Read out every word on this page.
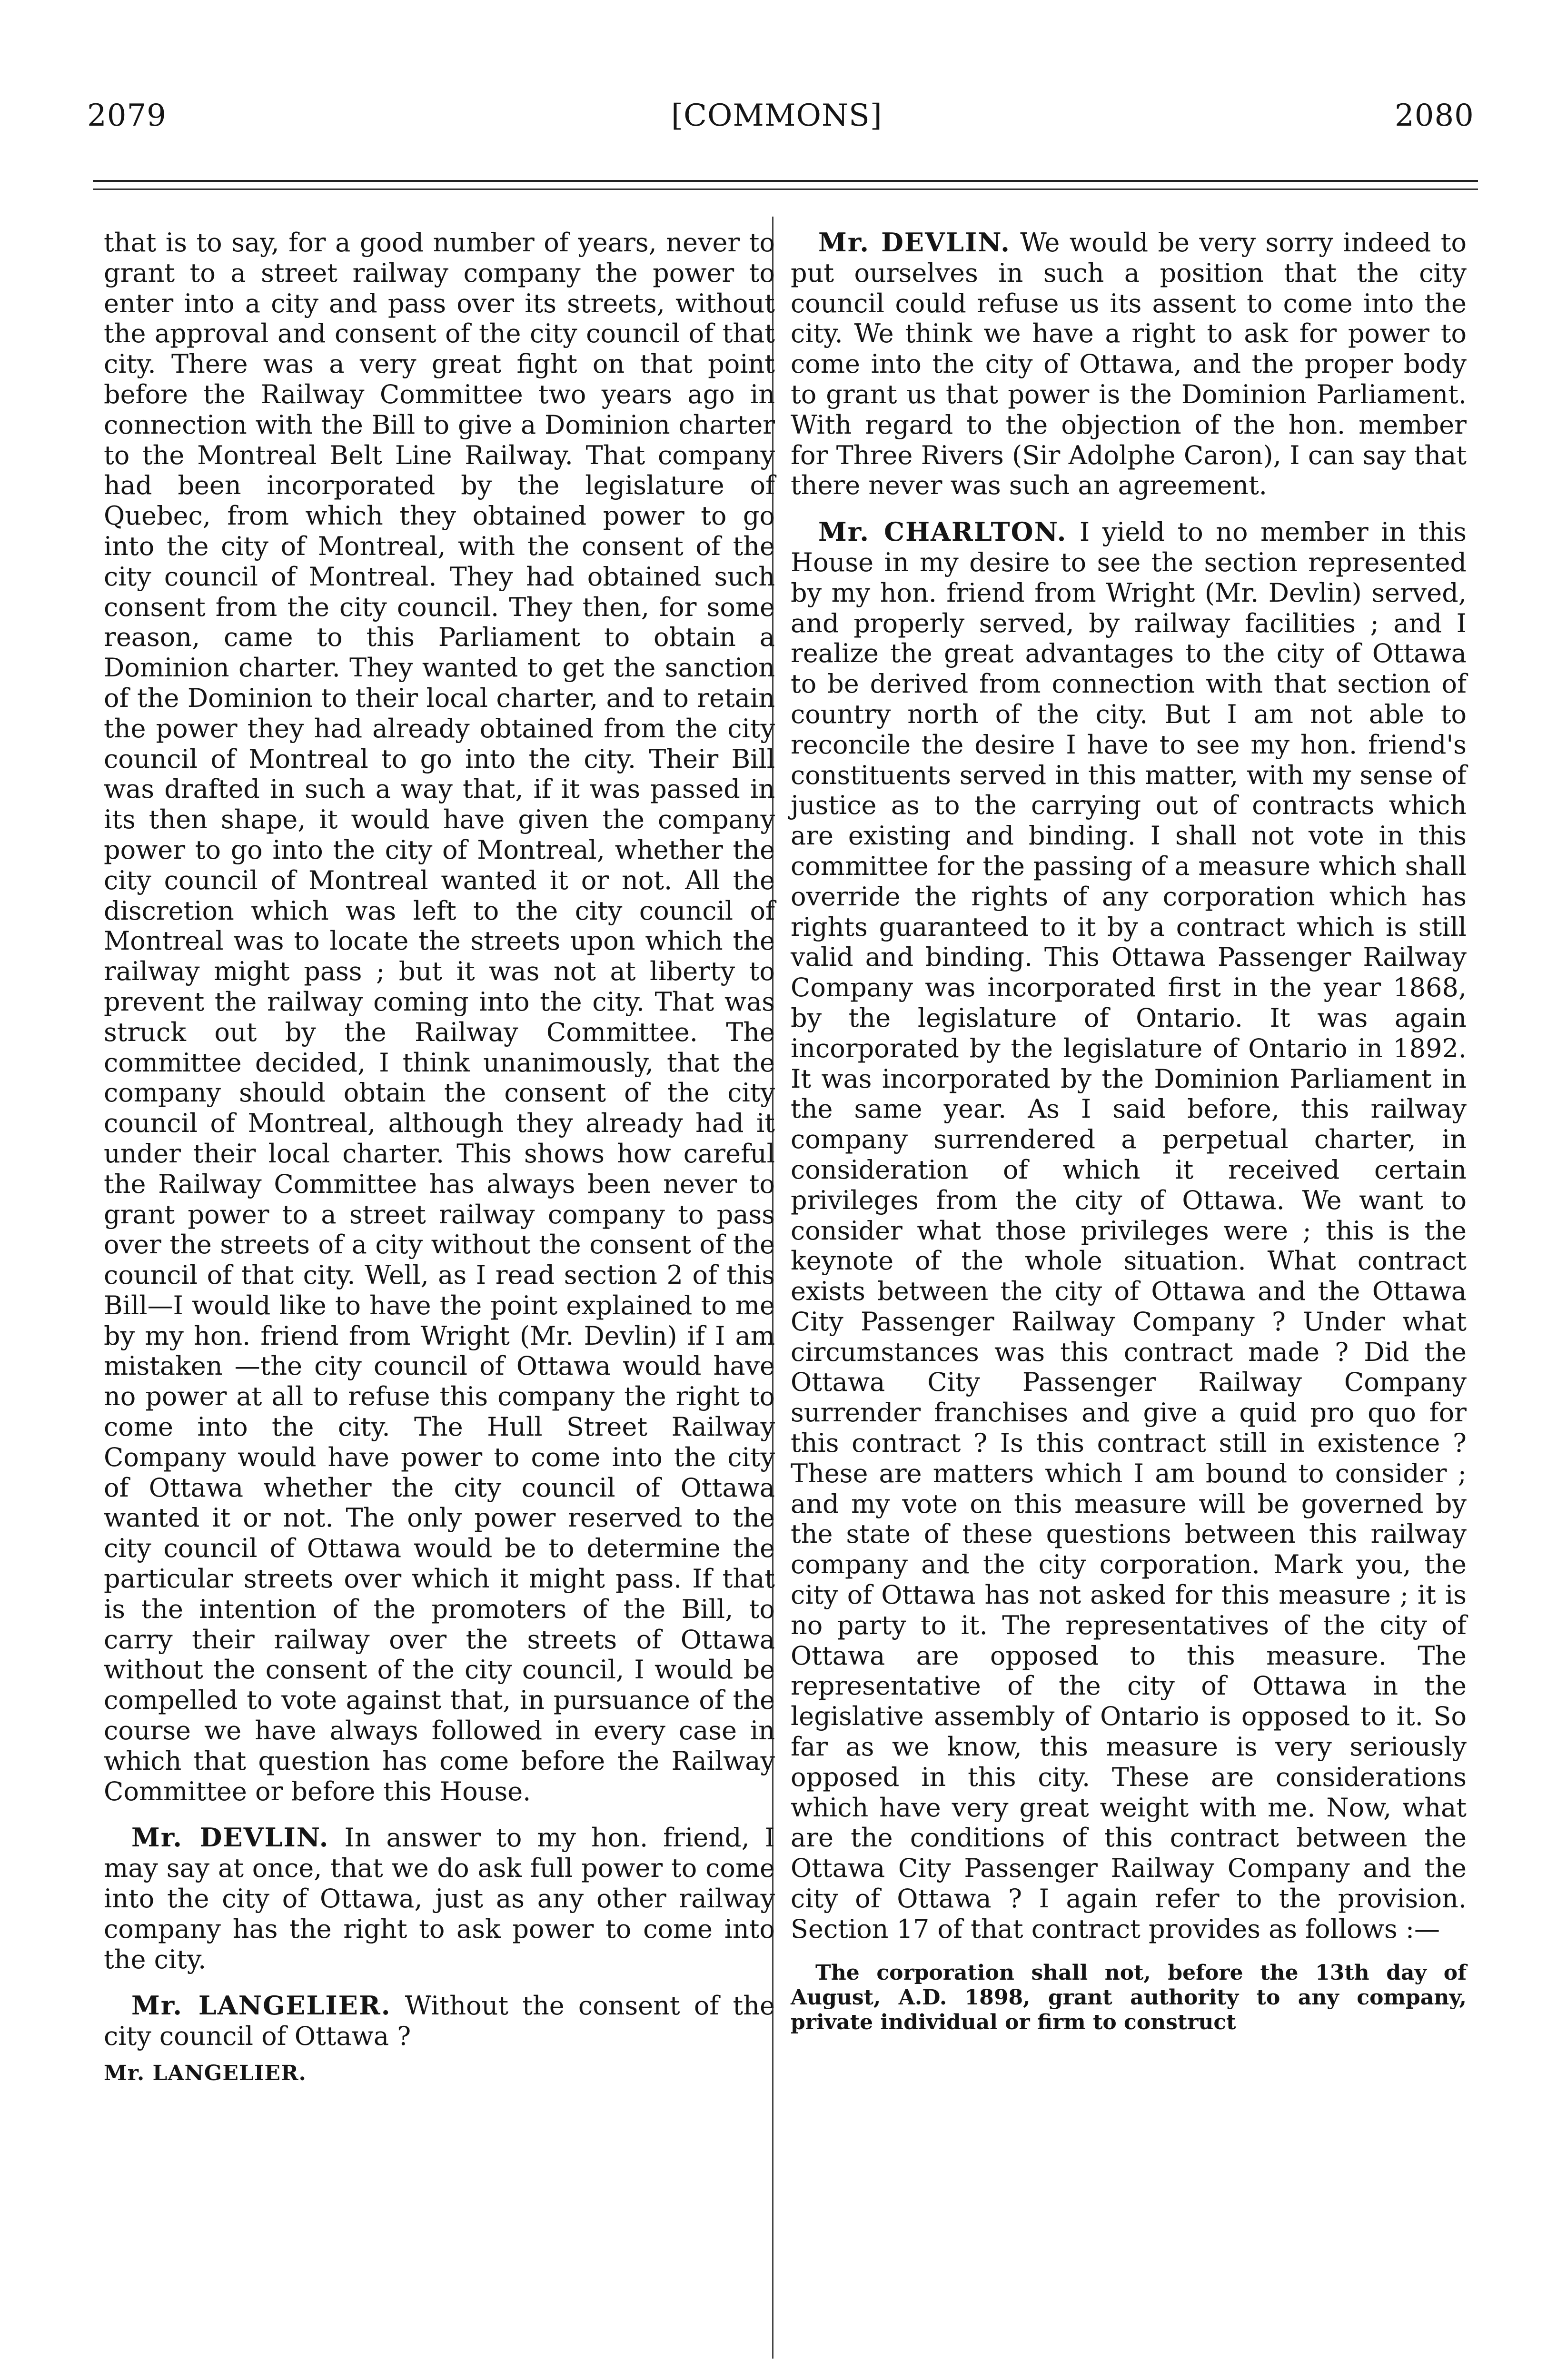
2079	[COMMONS]	2080

that is to say, for a good number of years, never to grant to a street railway company the power to enter into a city and pass over its streets, without the approval and consent of the city council of that city. There was a very great fight on that point before the Railway Committee two years ago in connection with the Bill to give a Dominion charter to the Montreal Belt Line Railway. That company had been incorporated by the legislature of Quebec, from which they obtained power to go into the city of Montreal, with the consent of the city council of Montreal. They had obtained such consent from the city council. They then, for some reason, came to this Parliament to obtain a Dominion charter. They wanted to get the sanction of the Dominion to their local charter, and to retain the power they had already obtained from the city council of Montreal to go into the city. Their Bill was drafted in such a way that, if it was passed in its then shape, it would have given the company power to go into the city of Montreal, whether the city council of Montreal wanted it or not. All the discretion which was left to the city council of Montreal was to locate the streets upon which the railway might pass ; but it was not at liberty to prevent the railway coming into the city. That was struck out by the Railway Committee. The committee decided, I think unanimously, that the company should obtain the consent of the city council of Montreal, although they already had it under their local charter. This shows how careful the Railway Committee has always been never to grant power to a street railway company to pass over the streets of a city without the consent of the council of that city. Well, as I read section 2 of this Bill—I would like to have the point explained to me by my hon. friend from Wright (Mr. Devlin) if I am mistaken —the city council of Ottawa would have no power at all to refuse this company the right to come into the city. The Hull Street Railway Company would have power to come into the city of Ottawa whether the city council of Ottawa wanted it or not. The only power reserved to the city council of Ottawa would be to determine the particular streets over which it might pass. If that is the intention of the promoters of the Bill, to carry their railway over the streets of Ottawa without the consent of the city council, I would be compelled to vote against that, in pursuance of the course we have always followed in every case in which that question has come before the Railway Committee or before this House.

Mr. DEVLIN. In answer to my hon. friend, I may say at once, that we do ask full power to come into the city of Ottawa, just as any other railway company has the right to ask power to come into the city.

Mr. LANGELIER. Without the consent of the city council of Ottawa ?

Mr. LANGELIER.

Mr. DEVLIN. We would be very sorry indeed to put ourselves in such a position that the city council could refuse us its assent to come into the city. We think we have a right to ask for power to come into the city of Ottawa, and the proper body to grant us that power is the Dominion Parliament. With regard to the objection of the hon. member for Three Rivers (Sir Adolphe Caron), I can say that there never was such an agreement.

Mr. CHARLTON. I yield to no member in this House in my desire to see the section represented by my hon. friend from Wright (Mr. Devlin) served, and properly served, by railway facilities ; and I realize the great advantages to the city of Ottawa to be derived from connection with that section of country north of the city. But I am not able to reconcile the desire I have to see my hon. friend's constituents served in this matter, with my sense of justice as to the carrying out of contracts which are existing and binding. I shall not vote in this committee for the passing of a measure which shall override the rights of any corporation which has rights guaranteed to it by a contract which is still valid and binding. This Ottawa Passenger Railway Company was incorporated first in the year 1868, by the legislature of Ontario. It was again incorporated by the legislature of Ontario in 1892. It was incorporated by the Dominion Parliament in the same year. As I said before, this railway company surrendered a perpetual charter, in consideration of which it received certain privileges from the city of Ottawa. We want to consider what those privileges were ; this is the keynote of the whole situation. What contract exists between the city of Ottawa and the Ottawa City Passenger Railway Company ? Under what circumstances was this contract made ? Did the Ottawa City Passenger Railway Company surrender franchises and give a quid pro quo for this contract ? Is this contract still in existence ? These are matters which I am bound to consider ; and my vote on this measure will be governed by the state of these questions between this railway company and the city corporation. Mark you, the city of Ottawa has not asked for this measure ; it is no party to it. The representatives of the city of Ottawa are opposed to this measure. The representative of the city of Ottawa in the legislative assembly of Ontario is opposed to it. So far as we know, this measure is very seriously opposed in this city. These are considerations which have very great weight with me. Now, what are the conditions of this contract between the Ottawa City Passenger Railway Company and the city of Ottawa ? I again refer to the provision. Section 17 of that contract provides as follows :—

The corporation shall not, before the 13th day of August, A.D. 1898, grant authority to any company, private individual or firm to construct
